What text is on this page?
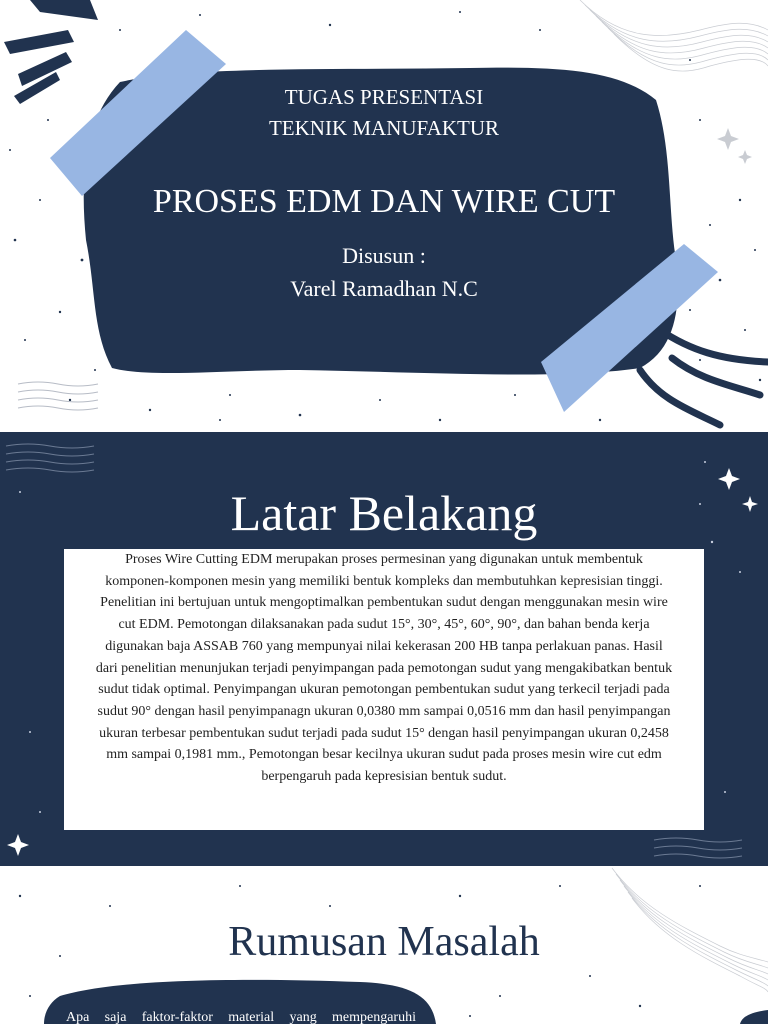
TUGAS PRESENTASI
TEKNIK MANUFAKTUR
PROSES EDM DAN WIRE CUT
Disusun :
Varel Ramadhan N.C
Latar Belakang

Proses Wire Cutting EDM merupakan proses permesinan yang digunakan untuk membentuk komponen-komponen mesin yang memiliki bentuk kompleks dan membutuhkan kepresisian tinggi. Penelitian ini bertujuan untuk mengoptimalkan pembentukan sudut dengan menggunakan mesin wire cut EDM. Pemotongan dilaksanakan pada sudut 15°, 30°, 45°, 60°, 90°, dan bahan benda kerja digunakan baja ASSAB 760 yang mempunyai nilai kekerasan 200 HB tanpa perlakuan panas. Hasil dari penelitian menunjukan terjadi penyimpangan pada pemotongan sudut yang mengakibatkan bentuk sudut tidak optimal. Penyimpangan ukuran pemotongan pembentukan sudut yang terkecil terjadi pada sudut 90° dengan hasil penyimpanagn ukuran 0,0380 mm sampai 0,0516 mm dan hasil penyimpangan ukuran terbesar pembentukan sudut terjadi pada sudut 15° dengan hasil penyimpangan ukuran 0,2458 mm sampai 0,1981 mm., Pemotongan besar kecilnya ukuran sudut pada proses mesin wire cut edm berpengaruh pada kepresisian bentuk sudut.

Rumusan Masalah
Apa saja faktor-faktor material yang mempengaruhi
